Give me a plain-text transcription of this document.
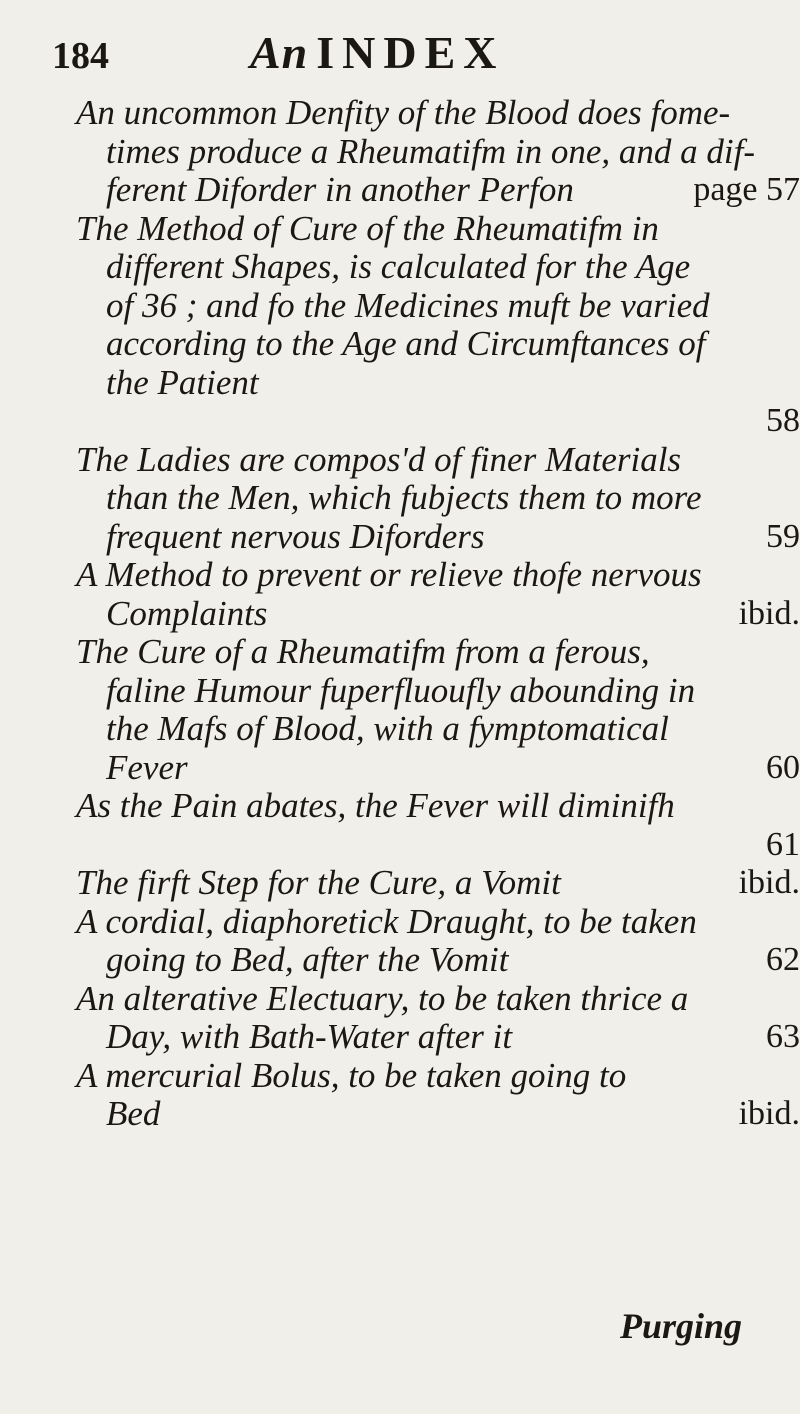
184	An INDEX
An uncommon Denfity of the Blood does fome-
times produce a Rheumatifm in one, and a dif-
ferent Diforder in another Perfon	page 57
The Method of Cure of the Rheumatifm in
different Shapes, is calculated for the Age
of 36 ; and fo the Medicines muft be varied
according to the Age and Circumftances of
the Patient
58
The Ladies are compos'd of finer Materials
than the Men, which fubjects them to more
frequent nervous Diforders	59
A Method to prevent or relieve thofe nervous
Complaints	ibid.
The Cure of a Rheumatifm from a ferous,
faline Humour fuperfluoufly abounding in
the Mafs of Blood, with a fymptomatical
Fever	60
As the Pain abates, the Fever will diminifh
61
The firft Step for the Cure, a Vomit	ibid.
A cordial, diaphoretick Draught, to be taken
going to Bed, after the Vomit	62
An alterative Electuary, to be taken thrice a
Day, with Bath-Water after it	63
A mercurial Bolus, to be taken going to
Bed	ibid.
Purging
